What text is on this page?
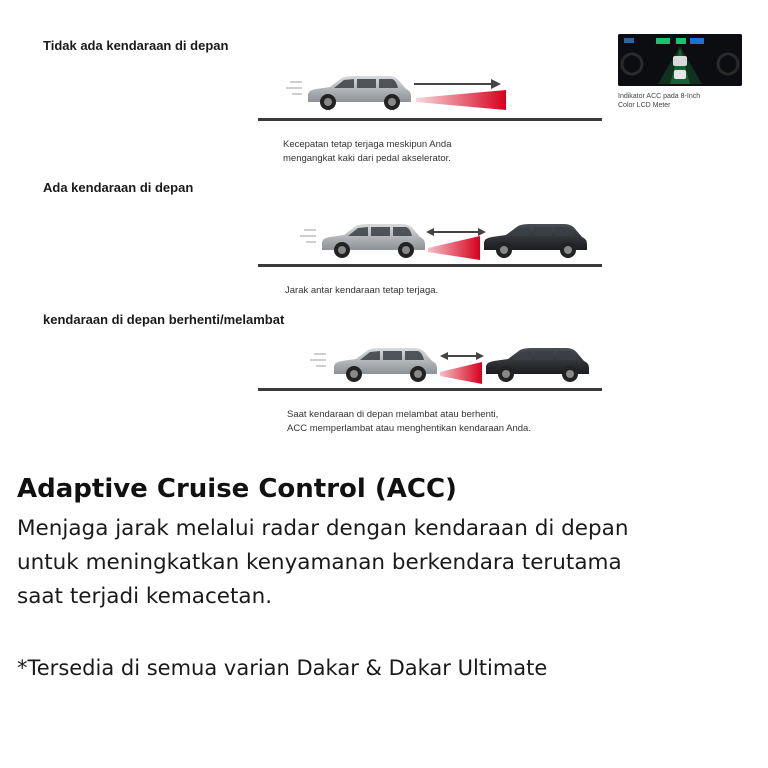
Tidak ada kendaraan di depan
Kecepatan tetap terjaga meskipun Anda
mengangkat kaki dari pedal akselerator.
Indikator ACC pada 8-Inch
Color LCD Meter
Ada kendaraan di depan
Jarak antar kendaraan tetap terjaga.
kendaraan di depan berhenti/melambat
Saat kendaraan di depan melambat atau berhenti,
ACC memperlambat atau menghentikan kendaraan Anda.
Adaptive Cruise Control (ACC)
Menjaga jarak melalui radar dengan kendaraan di depan
untuk meningkatkan kenyamanan berkendara terutama
saat terjadi kemacetan.
*Tersedia di semua varian Dakar & Dakar Ultimate
